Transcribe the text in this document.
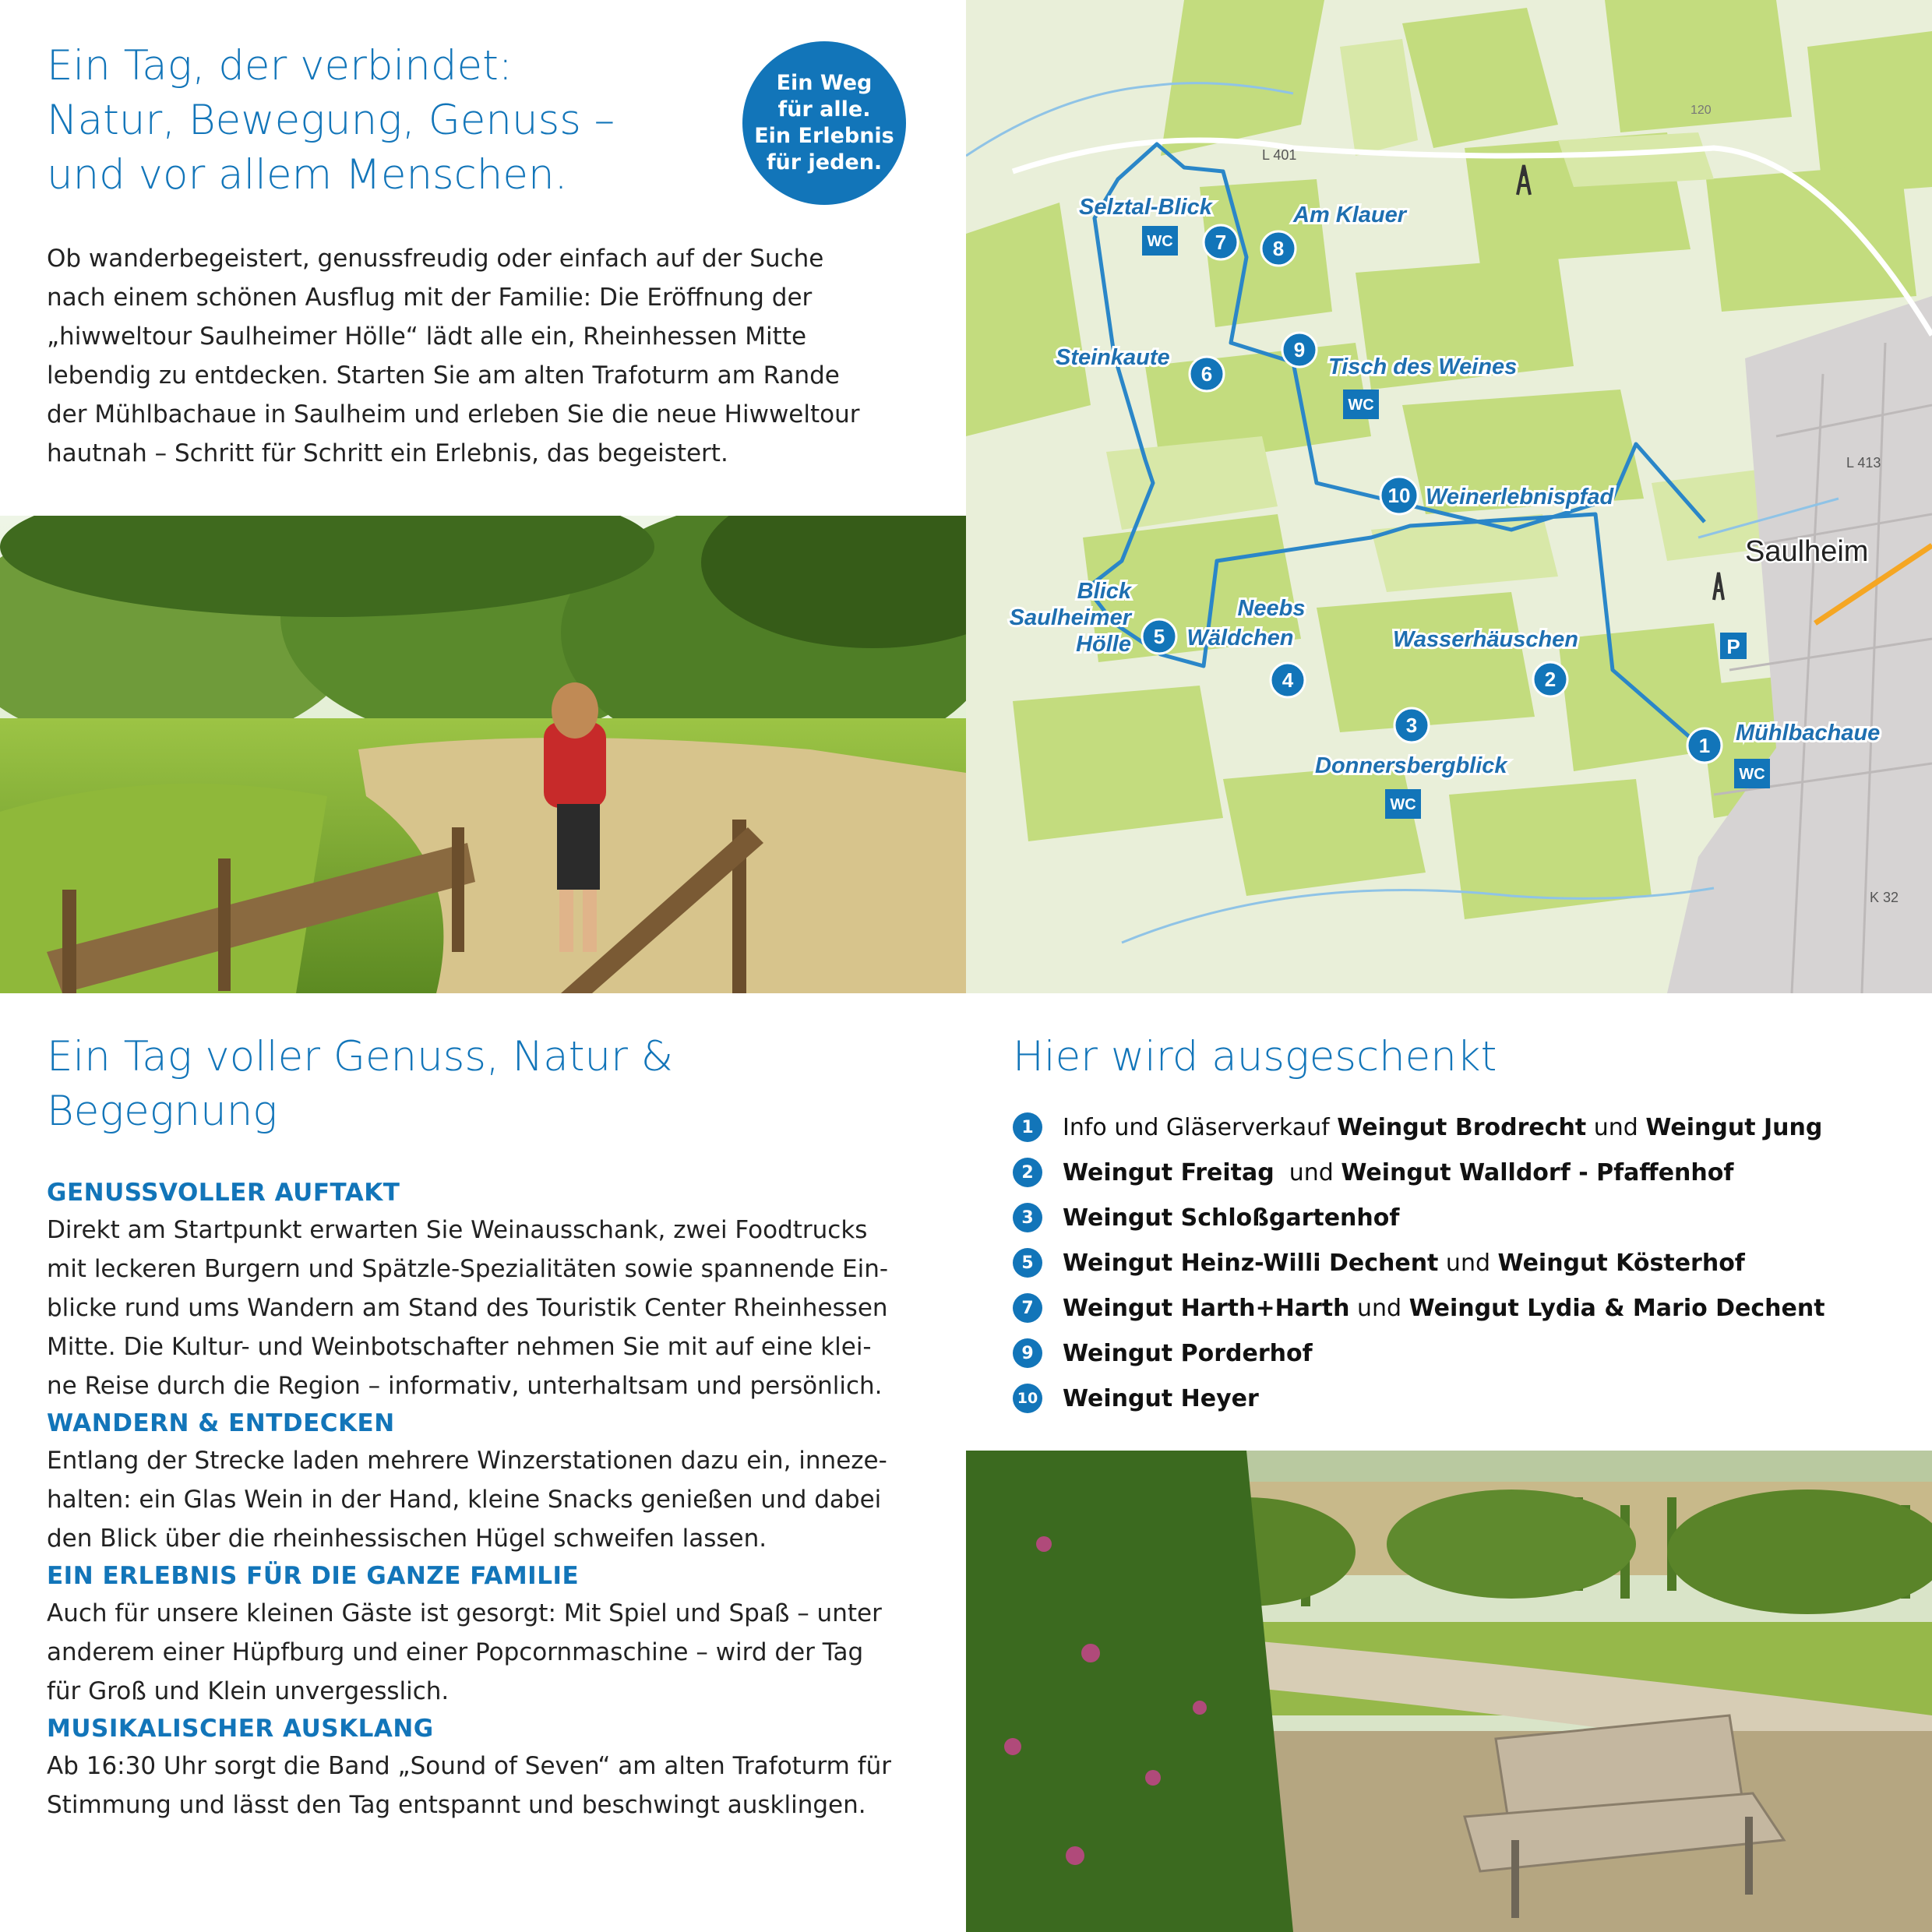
Ein Tag, der verbindet:
Natur, Bewegung, Genuss –
und vor allem Menschen.
Ein Weg
für alle.
Ein Erlebnis
für jeden.
Ob wanderbegeistert, genussfreudig oder einfach auf der Suche
nach einem schönen Ausflug mit der Familie: Die Eröffnung der
„hiwweltour Saulheimer Hölle“ lädt alle ein, Rheinhessen Mitte
lebendig zu entdecken. Starten Sie am alten Trafoturm am Rande
der Mühlbachaue in Saulheim und erleben Sie die neue Hiwweltour
hautnah – Schritt für Schritt ein Erlebnis, das begeistert.
L 401
L 413
K 32
120
WC
WC
WC
WC
P
Saulheim
1 Mühlbachaue
2
Wasserhäuschen
3
Donnersbergblick
4
Neebs
Wäldchen
5
Blick
Saulheimer
Hölle
6
Steinkaute
7
Selztal-Blick
8
Am Klauer
9
Tisch des Weines
10 Weinerlebnispfad
Ein Tag voller Genuss, Natur &
Begegnung
GENUSSVOLLER AUFTAKT
Direkt am Startpunkt erwarten Sie Weinausschank, zwei Foodtrucks
mit leckeren Burgern und Spätzle-Spezialitäten sowie spannende Ein-
blicke rund ums Wandern am Stand des Touristik Center Rheinhessen
Mitte. Die Kultur- und Weinbotschafter nehmen Sie mit auf eine klei-
ne Reise durch die Region – informativ, unterhaltsam und persönlich.
WANDERN & ENTDECKEN
Entlang der Strecke laden mehrere Winzerstationen dazu ein, inneze-
halten: ein Glas Wein in der Hand, kleine Snacks genießen und dabei
den Blick über die rheinhessischen Hügel schweifen lassen.
EIN ERLEBNIS FÜR DIE GANZE FAMILIE
Auch für unsere kleinen Gäste ist gesorgt: Mit Spiel und Spaß – unter
anderem einer Hüpfburg und einer Popcornmaschine – wird der Tag
für Groß und Klein unvergesslich.
MUSIKALISCHER AUSKLANG
Ab 16:30 Uhr sorgt die Band „Sound of Seven“ am alten Trafoturm für
Stimmung und lässt den Tag entspannt und beschwingt ausklingen.
Hier wird ausgeschenkt
1	Info und Gläserverkauf Weingut Brodrecht und Weingut Jung
2	Weingut Freitag  und Weingut Walldorf - Pfaffenhof
3	Weingut Schloßgartenhof
5	Weingut Heinz-Willi Dechent und Weingut Kösterhof
7	Weingut Harth+Harth und Weingut Lydia & Mario Dechent
9	Weingut Porderhof
10 Weingut Heyer
